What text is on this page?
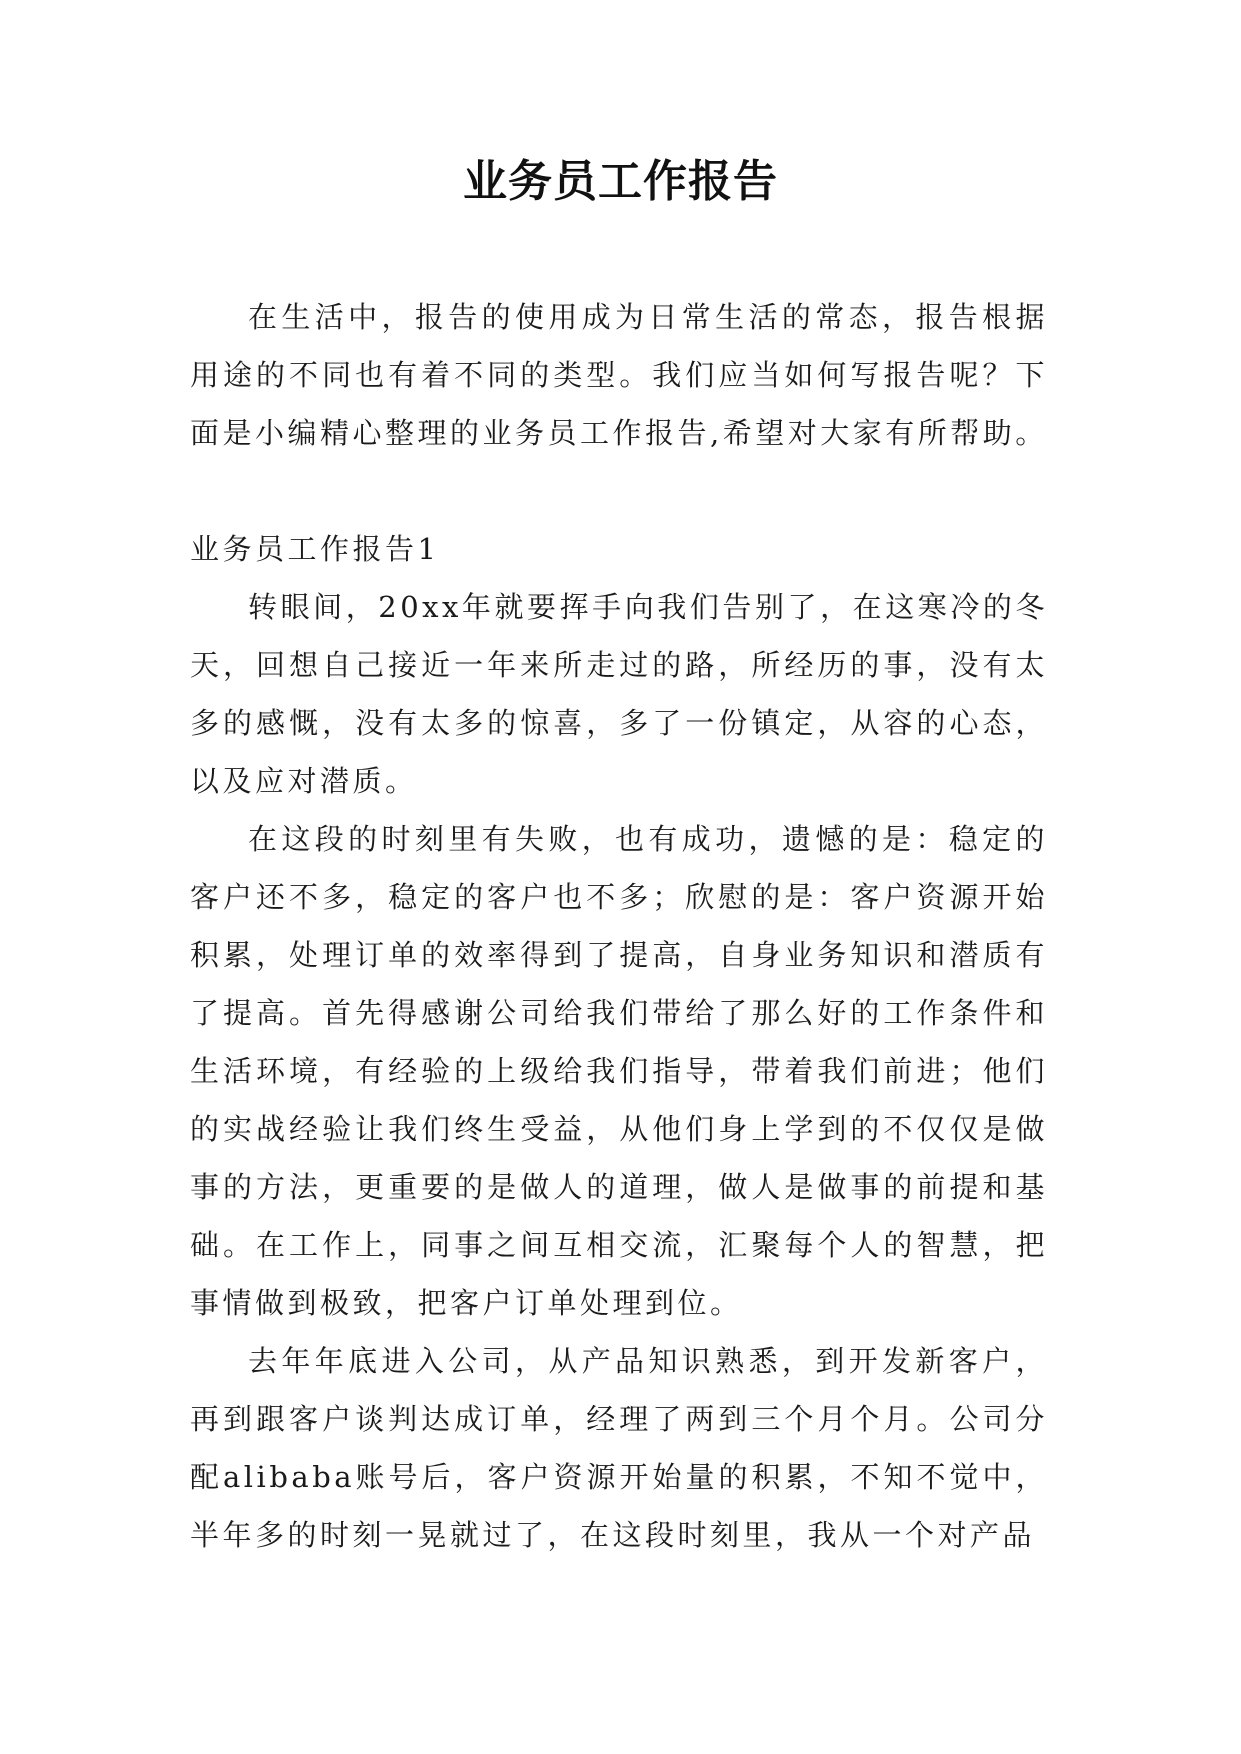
业务员工作报告

在生活中，报告的使用成为日常生活的常态，报告根据用途的不同也有着不同的类型。我们应当如何写报告呢？下面是小编精心整理的业务员工作报告,希望对大家有所帮助。

业务员工作报告1

转眼间，20xx年就要挥手向我们告别了，在这寒冷的冬天，回想自己接近一年来所走过的路，所经历的事，没有太多的感慨，没有太多的惊喜，多了一份镇定，从容的心态，以及应对潜质。

在这段的时刻里有失败，也有成功，遗憾的是：稳定的客户还不多，稳定的客户也不多；欣慰的是：客户资源开始积累，处理订单的效率得到了提高，自身业务知识和潜质有了提高。首先得感谢公司给我们带给了那么好的工作条件和生活环境，有经验的上级给我们指导，带着我们前进；他们的实战经验让我们终生受益，从他们身上学到的不仅仅是做事的方法，更重要的是做人的道理，做人是做事的前提和基础。在工作上，同事之间互相交流，汇聚每个人的智慧，把事情做到极致，把客户订单处理到位。

去年年底进入公司，从产品知识熟悉，到开发新客户，再到跟客户谈判达成订单，经理了两到三个月个月。公司分配alibaba账号后，客户资源开始量的积累，不知不觉中，半年多的时刻一晃就过了，在这段时刻里，我从一个对产品
